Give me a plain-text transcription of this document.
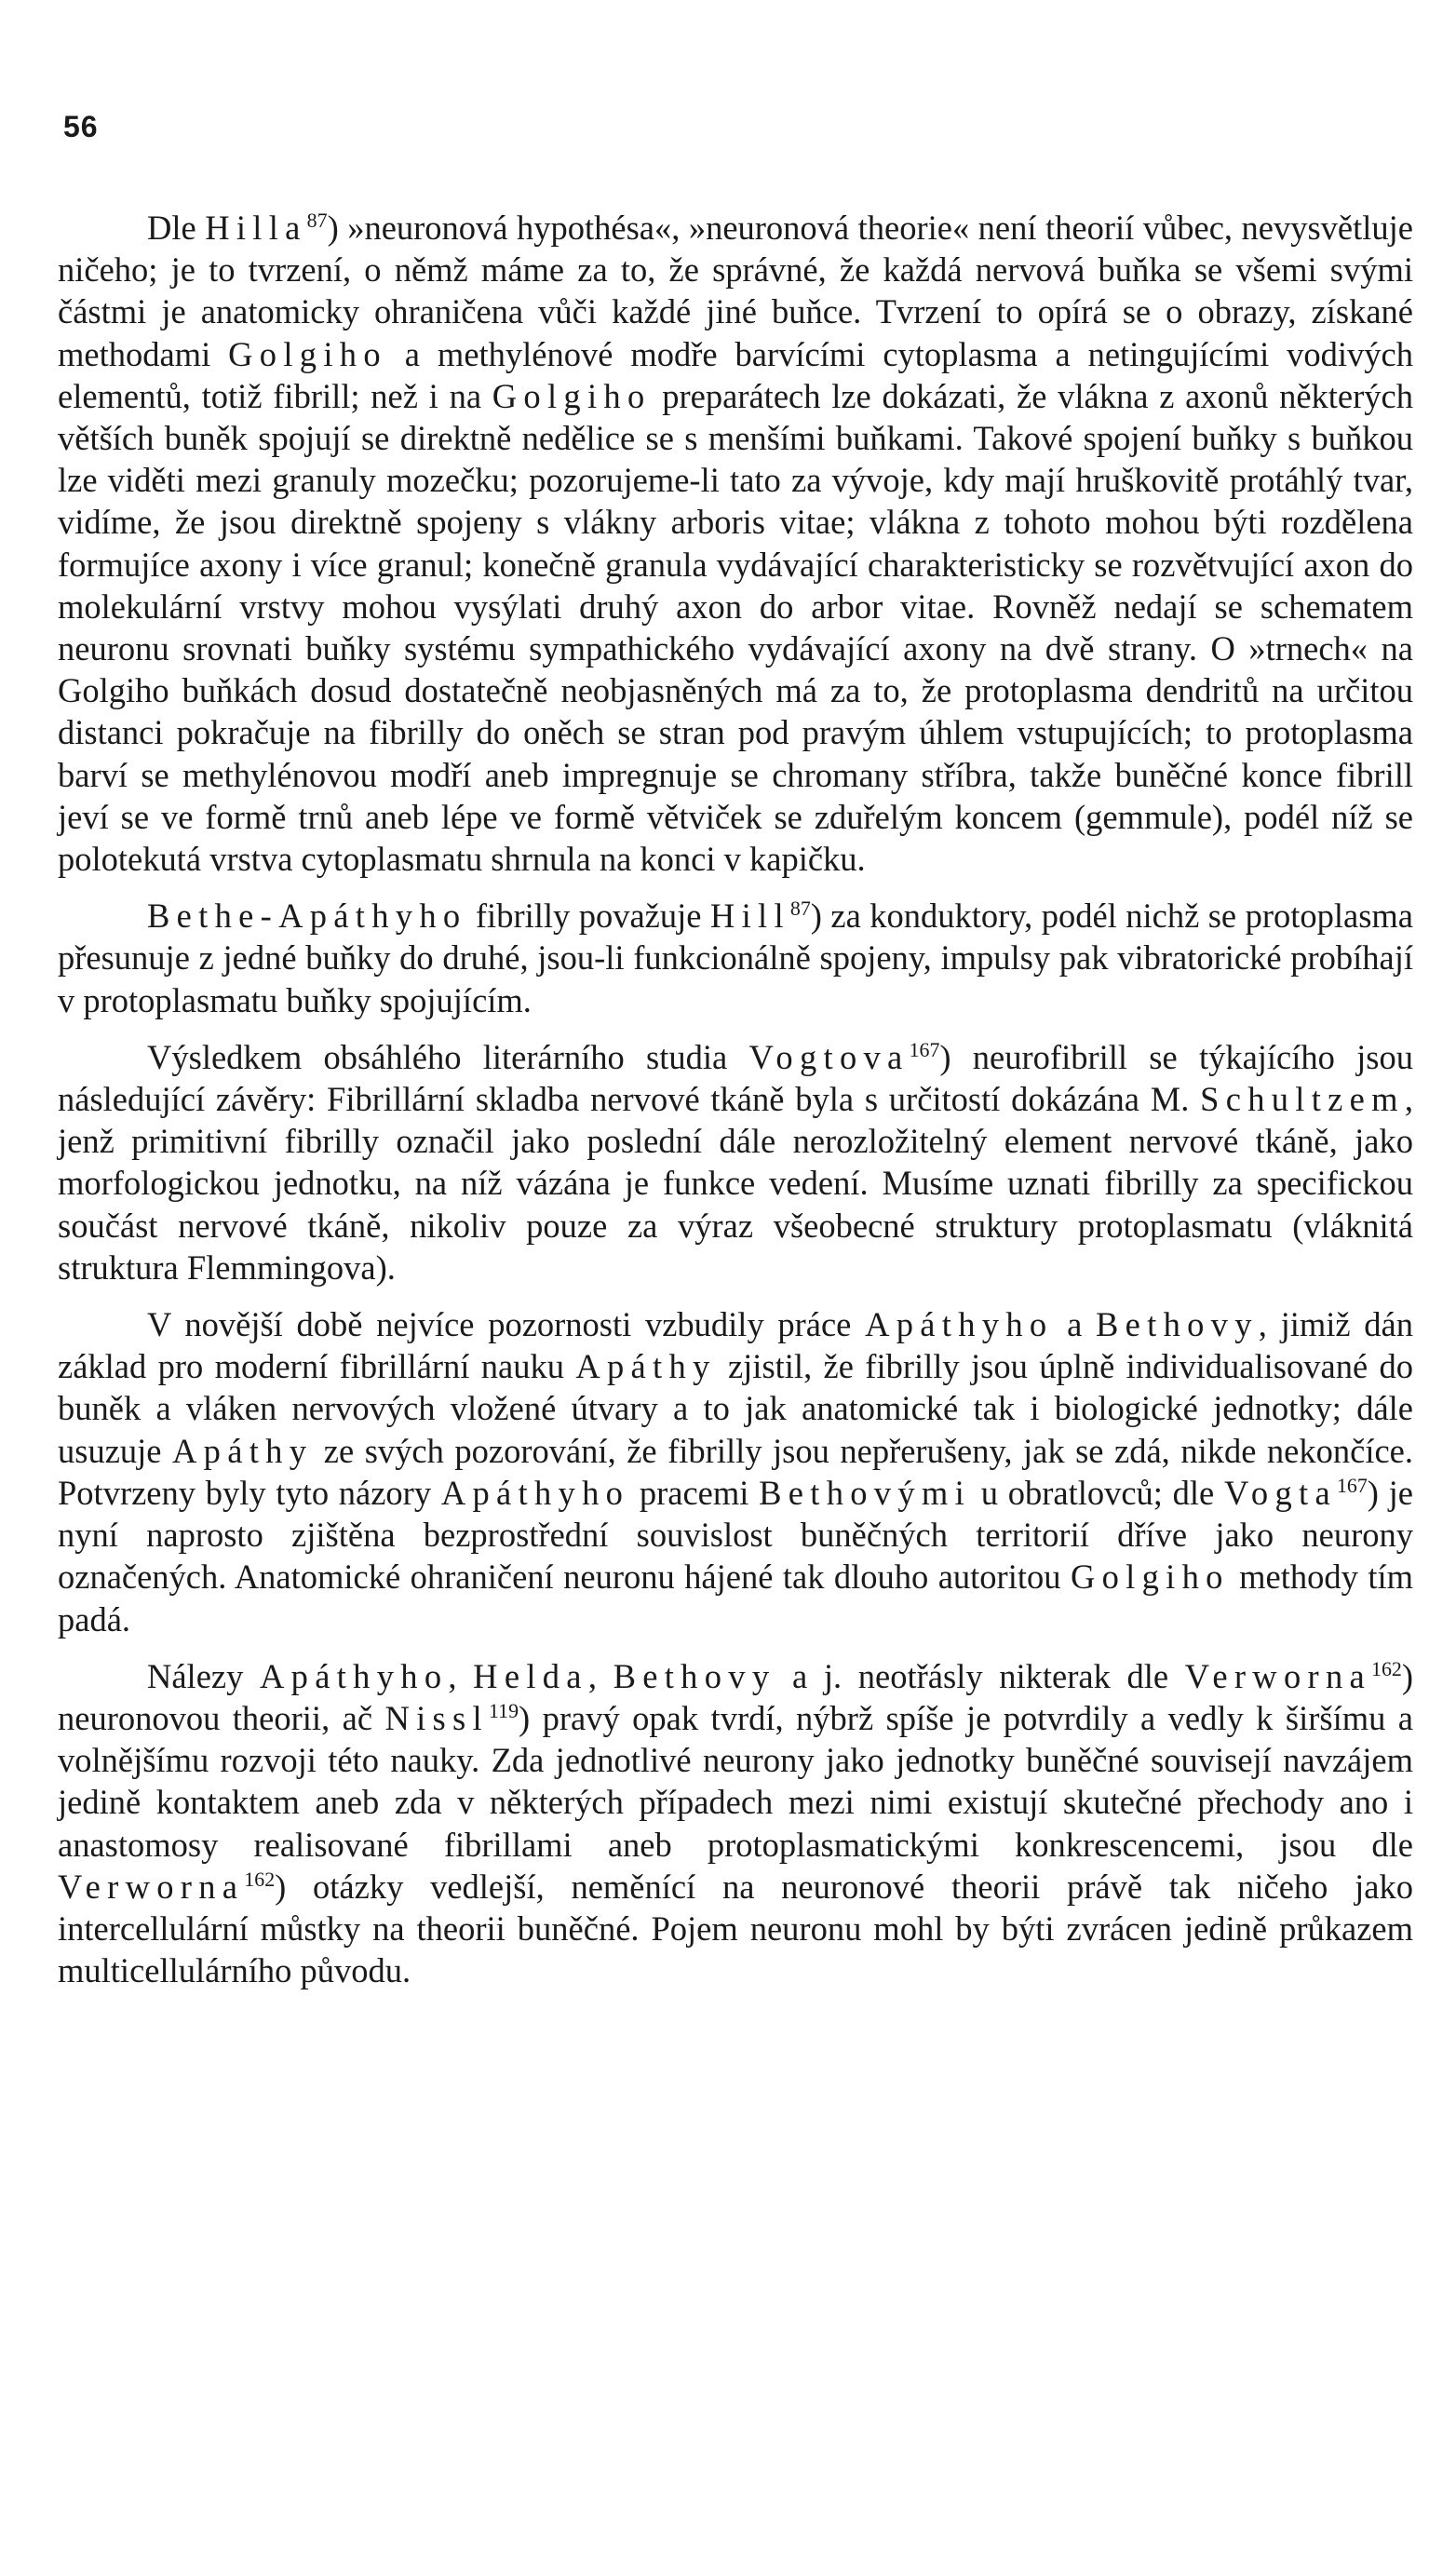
56

Dle Hilla$^{87}$) »neuronová hypothésa«, »neuronová theorie« není theorií vůbec, nevysvětluje ničeho; je to tvrzení, o němž máme za to, že správné, že každá nervová buňka se všemi svými částmi je anatomicky ohraničena vůči každé jiné buňce. Tvrzení to opírá se o obrazy, získané methodami Golgiho a methylénové modře barvícími cytoplasma a netingujícími vodivých elementů, totiž fibrill; než i na Golgiho preparátech lze dokázati, že vlákna z axonů některých větších buněk spojují se direktně nedělice se s menšími buňkami. Takové spojení buňky s buňkou lze viděti mezi granuly mozečku; pozorujeme-li tato za vývoje, kdy mají hruškovitě protáhlý tvar, vidíme, že jsou direktně spojeny s vlákny arboris vitae; vlákna z tohoto mohou býti rozdělena formujíce axony i více granul; konečně granula vydávající charakteristicky se rozvětvující axon do molekulární vrstvy mohou vysýlati druhý axon do arbor vitae. Rovněž nedají se schematem neuronu srovnati buňky systému sympathického vydávající axony na dvě strany. O »trnech« na Golgiho buňkách dosud dostatečně neobjasněných má za to, že protoplasma dendritů na určitou distanci pokračuje na fibrilly do oněch se stran pod pravým úhlem vstupujících; to protoplasma barví se methylénovou modří aneb impregnuje se chromany stříbra, takže buněčné konce fibrill jeví se ve formě trnů aneb lépe ve formě větviček se zduřelým koncem (gemmule), podél níž se polotekutá vrstva cytoplasmatu shrnula na konci v kapičku.

Bethe-Apáthyho fibrilly považuje Hill$^{87}$) za konduktory, podél nichž se protoplasma přesunuje z jedné buňky do druhé, jsou-li funkcionálně spojeny, impulsy pak vibratorické probíhají v protoplasmatu buňky spojujícím.

Výsledkem obsáhlého literárního studia Vogtova$^{167}$) neurofibrill se týkajícího jsou následující závěry: Fibrillární skladba nervové tkáně byla s určitostí dokázána M. Schultzem, jenž primitivní fibrilly označil jako poslední dále nerozložitelný element nervové tkáně, jako morfologickou jednotku, na níž vázána je funkce vedení. Musíme uznati fibrilly za specifickou součást nervové tkáně, nikoliv pouze za výraz všeobecné struktury protoplasmatu (vláknitá struktura Flemmingova).

V novější době nejvíce pozornosti vzbudily práce Apáthyho a Bethovy, jimiž dán základ pro moderní fibrillární nauku Apáthy zjistil, že fibrilly jsou úplně individualisované do buněk a vláken nervových vložené útvary a to jak anatomické tak i biologické jednotky; dále usuzuje Apáthy ze svých pozorování, že fibrilly jsou nepřerušeny, jak se zdá, nikde nekončíce. Potvrzeny byly tyto názory Apáthyho pracemi Bethovými u obratlovců; dle Vogta$^{167}$) je nyní naprosto zjištěna bezprostřední souvislost buněčných territorií dříve jako neurony označených. Anatomické ohraničení neuronu hájené tak dlouho autoritou Golgiho methody tím padá.

Nálezy Apáthyho, Helda, Bethovy a j. neotřásly nikterak dle Verworna$^{162}$) neuronovou theorii, ač Nissl$^{119}$) pravý opak tvrdí, nýbrž spíše je potvrdily a vedly k širšímu a volnějšímu rozvoji této nauky. Zda jednotlivé neurony jako jednotky buněčné souvisejí navzájem jedině kontaktem aneb zda v některých případech mezi nimi existují skutečné přechody ano i anastomosy realisované fibrillami aneb protoplasmatickými konkrescencemi, jsou dle Verworna$^{162}$) otázky vedlejší, neměnící na neuronové theorii právě tak ničeho jako intercellulární můstky na theorii buněčné. Pojem neuronu mohl by býti zvrácen jedině průkazem multicellulárního původu.
